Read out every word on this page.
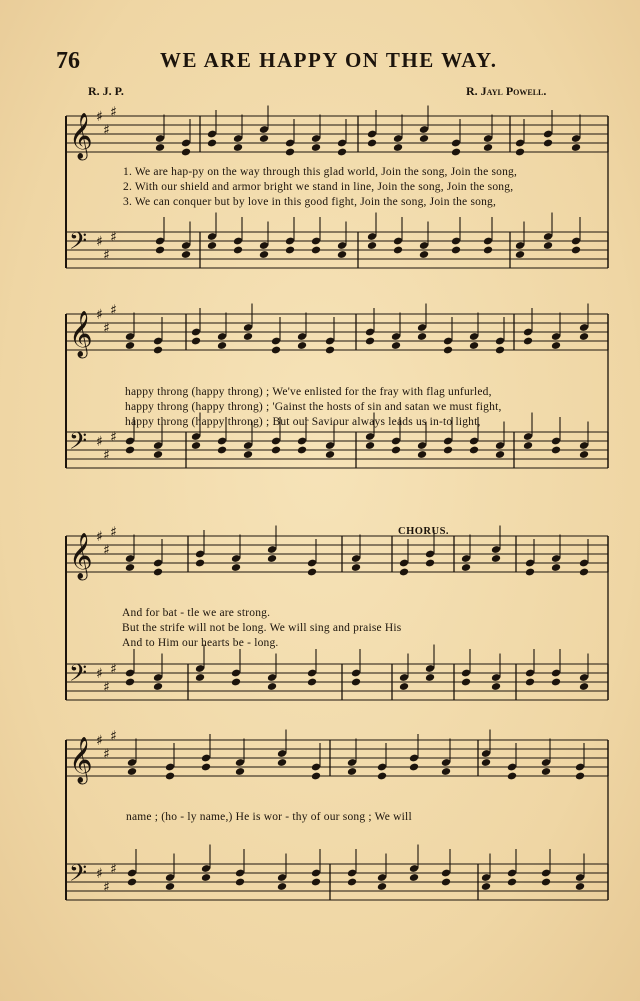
𝄞 ♯
♯
♯
𝄢 ♯
♯
♯
𝄞 ♯
♯
♯
𝄢 ♯
♯
♯
𝄞 ♯
♯
♯
𝄢 ♯
♯
♯
𝄞 ♯
♯
♯
𝄢 ♯
♯
♯
76	WE ARE HAPPY ON THE WAY.
R. J. P.	R. Jayl Powell.
1. We are hap-py on the way through this glad world, Join the song, Join the song,
2. With our shield and armor bright we stand in line, Join the song, Join the song,
3. We can conquer but by love in this good fight, Join the song, Join the song,
happy throng (happy throng) ; We've enlisted for the fray with flag unfurled,
happy throng (happy throng) ; 'Gainst the hosts of sin and satan we must fight,
happy throng (happy throng) ; But our Saviour always leads us in-to light,
CHORUS.
And for bat - tle we are strong.
But the strife will not be long. We will sing and praise His
And to Him our hearts be - long.
name ; (ho - ly name,) He is wor - thy of our song ; We will
